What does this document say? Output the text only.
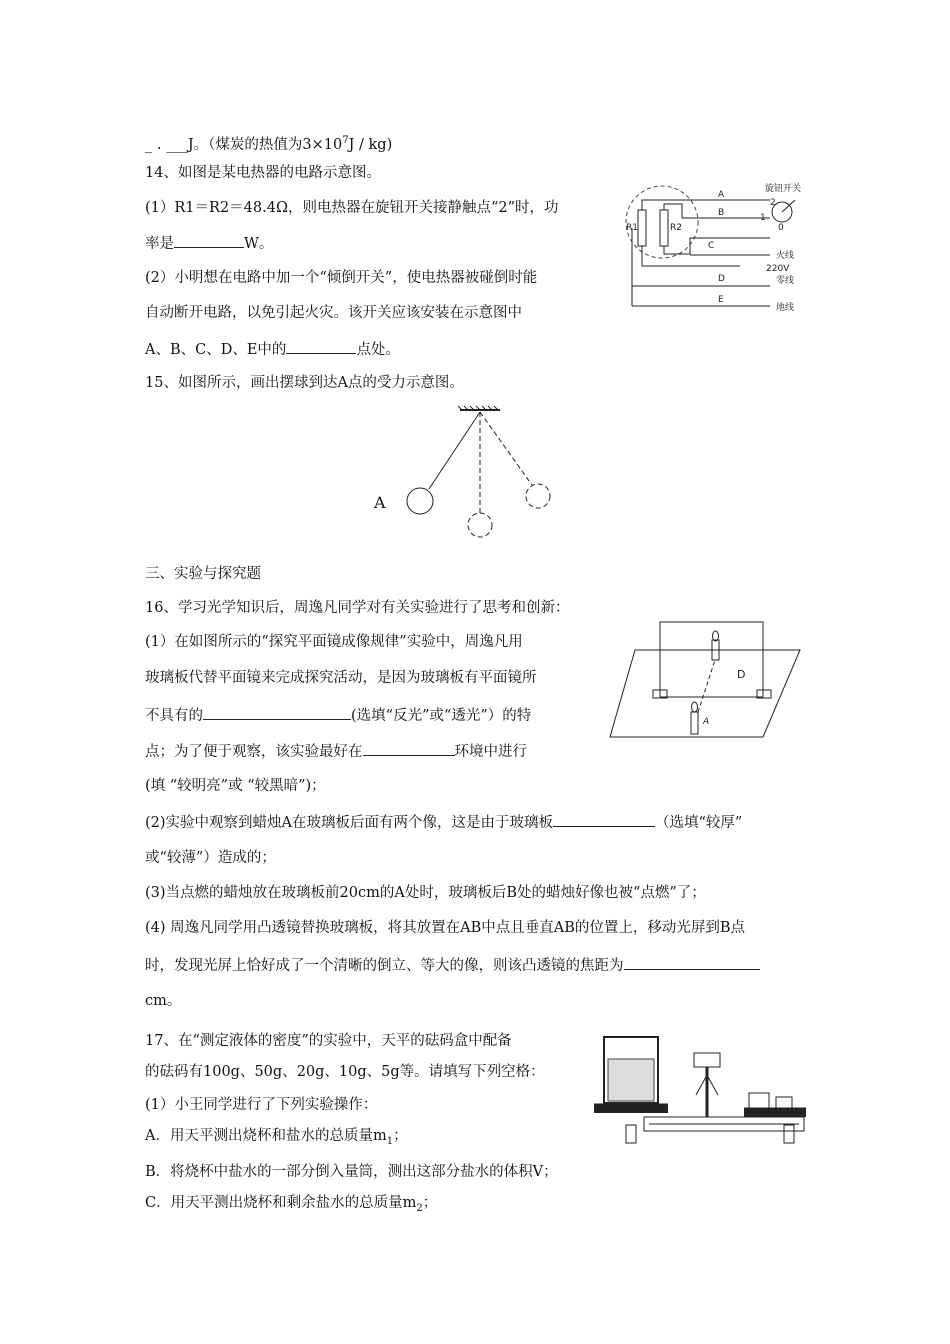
_ . ___J。（煤炭的热值为$3\times 10^7J / kg$)
14、如图是某电热器的电路示意图。
(1）R1＝R2＝48.4Ω，则电热器在旋钮开关接静触点“2”时，功
率是	W。
(2）小明想在电路中加一个“倾倒开关”，使电热器被碰倒时能
自动断开电路，以免引起火灾。该开关应该安装在示意图中
A、B、C、D、E中的	点处。
旋钮开关
A
B
C
D
E
R1	R2
1
2
0
火线
220V
零线
地线
15、如图所示，画出摆球到达A点的受力示意图。
A
三、实验与探究题
16、学习光学知识后，周逸凡同学对有关实验进行了思考和创新：
(1）在如图所示的“探究平面镜成像规律”实验中，周逸凡用
玻璃板代替平面镜来完成探究活动，是因为玻璃板有平面镜所
不具有的	(选填“反光”或“透光”）的特
点；为了便于观察，该实验最好在	环境中进行
(填 “较明亮”或 “较黑暗”)；
(2)实验中观察到蜡烛A在玻璃板后面有两个像，这是由于玻璃板	（选填“较厚”
或“较薄”）造成的；
(3)当点燃的蜡烛放在玻璃板前20cm的A处时，玻璃板后B处的蜡烛好像也被“点燃”了；
(4) 周逸凡同学用凸透镜替换玻璃板，将其放置在AB中点且垂直AB的位置上，移动光屏到B点
时，发现光屏上恰好成了一个清晰的倒立、等大的像，则该凸透镜的焦距为
cm。
A
D
17、在“测定液体的密度”的实验中，天平的砝码盒中配备
的砝码有100g、50g、20g、10g、5g等。请填写下列空格：
(1）小王同学进行了下列实验操作：
A．用天平测出烧杯和盐水的总质量$m_1$；
B．将烧杯中盐水的一部分倒入量筒，测出这部分盐水的体积V；
C．用天平测出烧杯和剩余盐水的总质量$m_2$；
